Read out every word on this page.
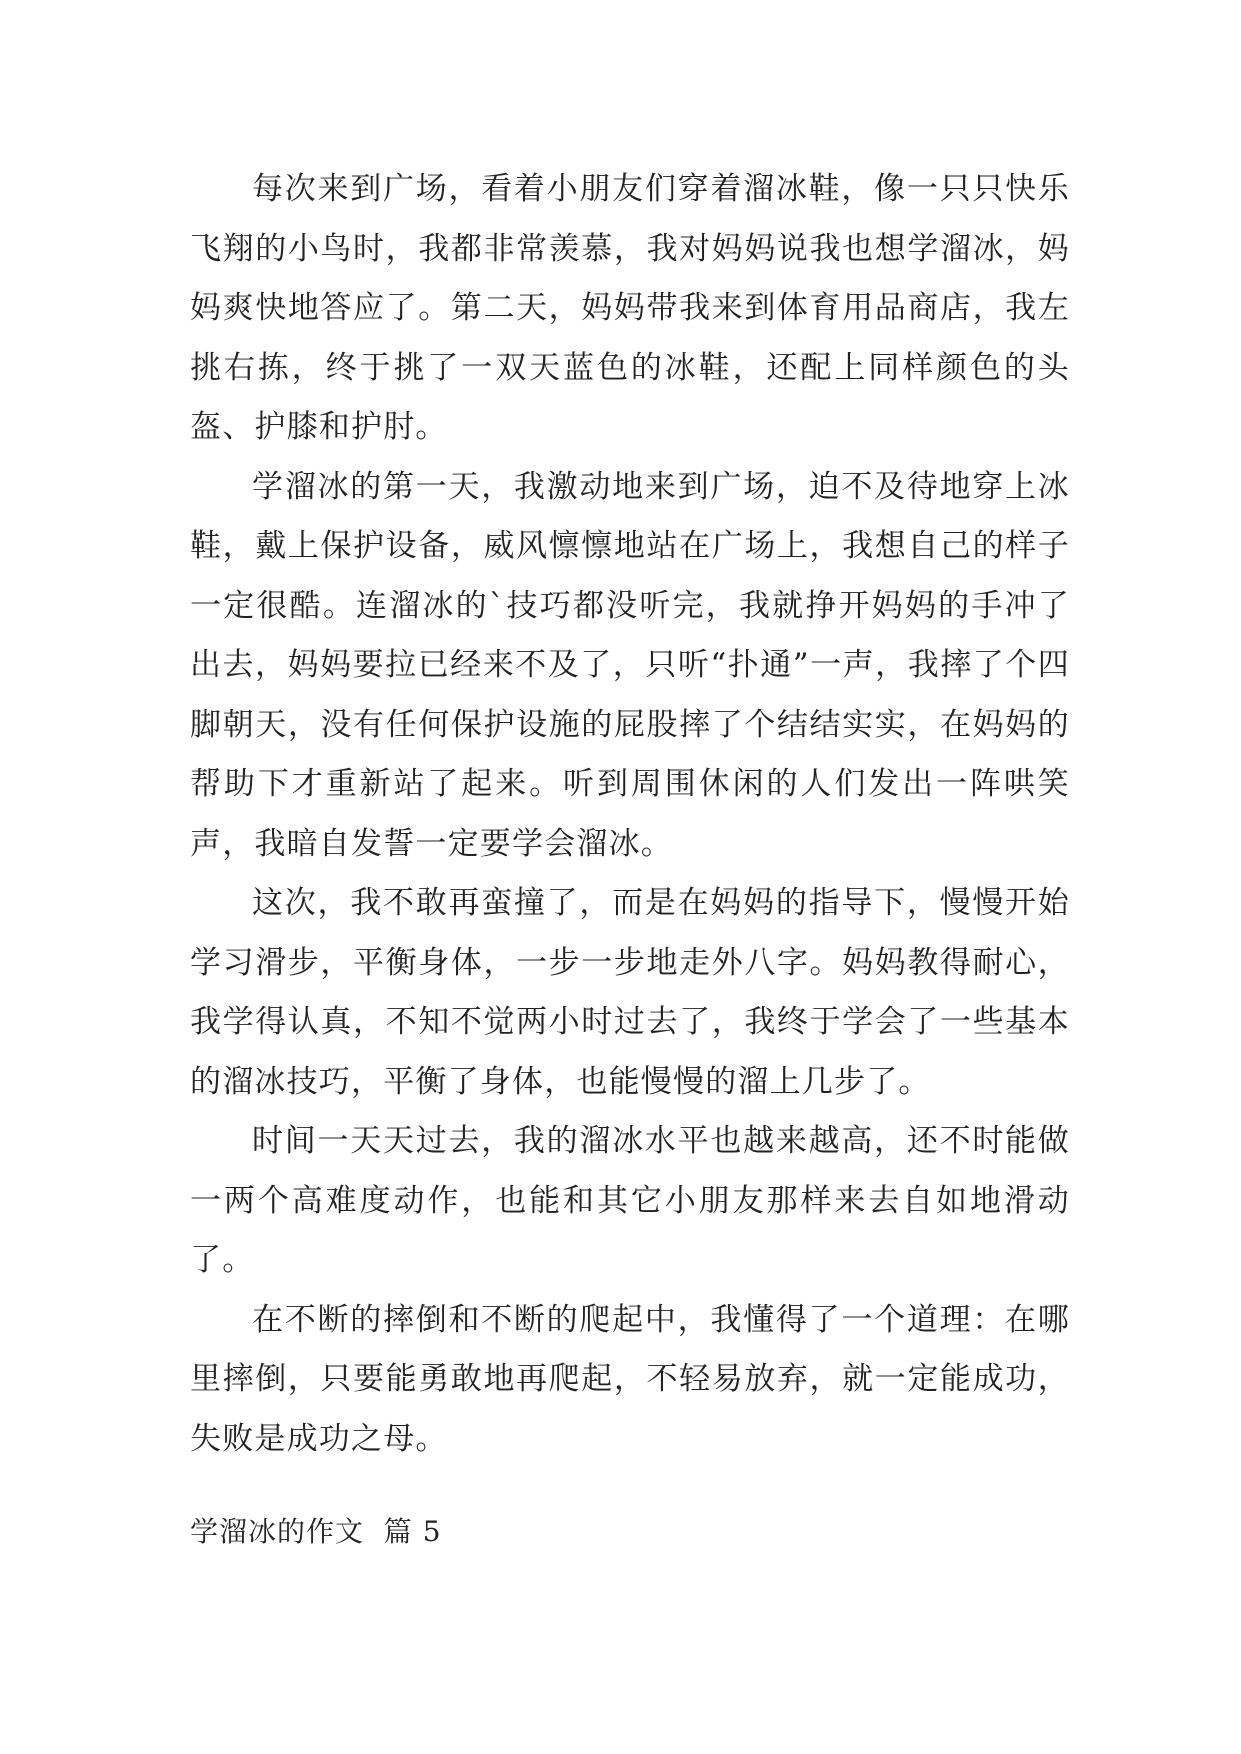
每次来到广场，看着小朋友们穿着溜冰鞋，像一只只快乐飞翔的小鸟时，我都非常羡慕，我对妈妈说我也想学溜冰，妈妈爽快地答应了。第二天，妈妈带我来到体育用品商店，我左挑右拣，终于挑了一双天蓝色的冰鞋，还配上同样颜色的头盔、护膝和护肘。

学溜冰的第一天，我激动地来到广场，迫不及待地穿上冰鞋，戴上保护设备，威风懔懔地站在广场上，我想自己的样子一定很酷。连溜冰的`技巧都没听完，我就挣开妈妈的手冲了出去，妈妈要拉已经来不及了，只听“扑通”一声，我摔了个四脚朝天，没有任何保护设施的屁股摔了个结结实实，在妈妈的帮助下才重新站了起来。听到周围休闲的人们发出一阵哄笑声，我暗自发誓一定要学会溜冰。

这次，我不敢再蛮撞了，而是在妈妈的指导下，慢慢开始学习滑步，平衡身体，一步一步地走外八字。妈妈教得耐心，我学得认真，不知不觉两小时过去了，我终于学会了一些基本的溜冰技巧，平衡了身体，也能慢慢的溜上几步了。

时间一天天过去，我的溜冰水平也越来越高，还不时能做一两个高难度动作，也能和其它小朋友那样来去自如地滑动了。

在不断的摔倒和不断的爬起中，我懂得了一个道理：在哪里摔倒，只要能勇敢地再爬起，不轻易放弃，就一定能成功，失败是成功之母。

学溜冰的作文  篇 5
